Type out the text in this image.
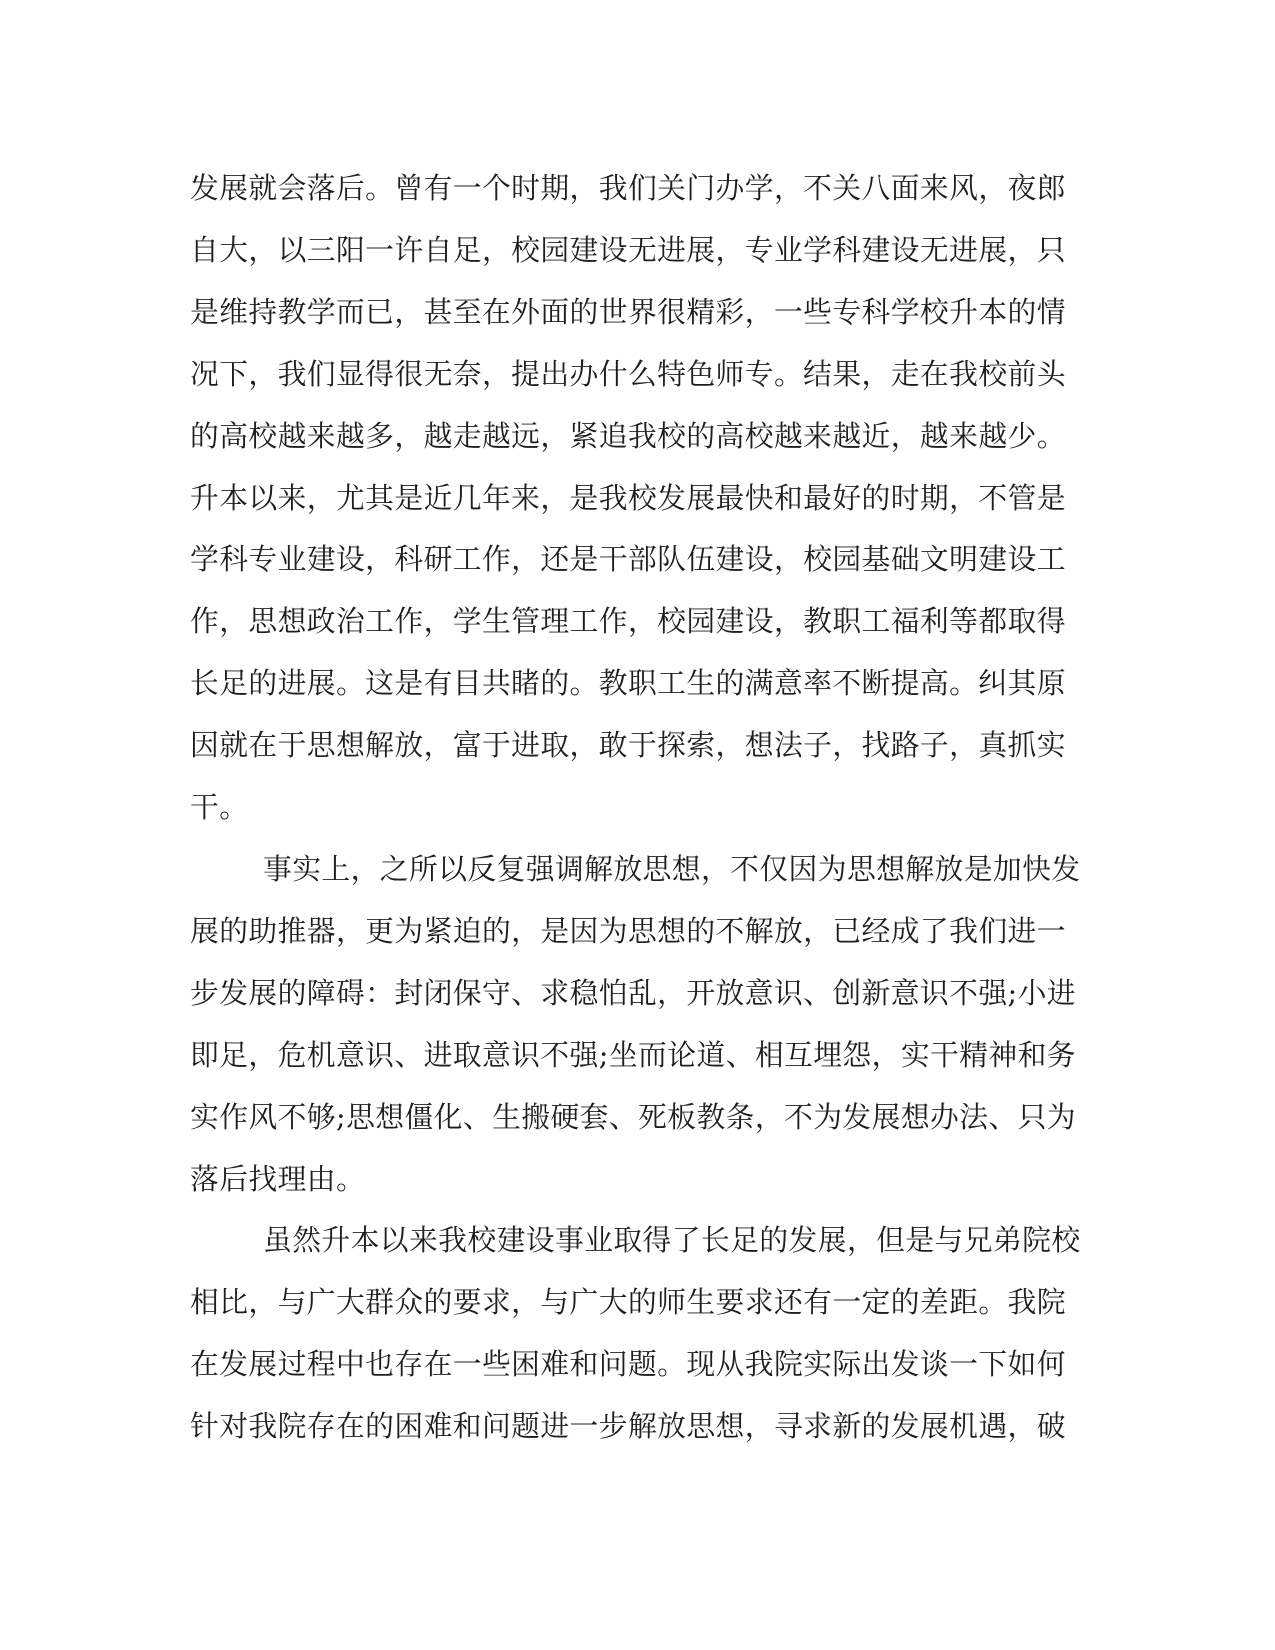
发展就会落后。曾有一个时期，我们关门办学，不关八面来风，夜郎自大，以三阳一许自足，校园建设无进展，专业学科建设无进展，只是维持教学而已，甚至在外面的世界很精彩，一些专科学校升本的情况下，我们显得很无奈，提出办什么特色师专。结果，走在我校前头的高校越来越多，越走越远，紧追我校的高校越来越近，越来越少。升本以来，尤其是近几年来，是我校发展最快和最好的时期，不管是学科专业建设，科研工作，还是干部队伍建设，校园基础文明建设工作，思想政治工作，学生管理工作，校园建设，教职工福利等都取得长足的进展。这是有目共睹的。教职工生的满意率不断提高。纠其原因就在于思想解放，富于进取，敢于探索，想法子，找路子，真抓实干。

事实上，之所以反复强调解放思想，不仅因为思想解放是加快发展的助推器，更为紧迫的，是因为思想的不解放，已经成了我们进一步发展的障碍：封闭保守、求稳怕乱，开放意识、创新意识不强;小进即足，危机意识、进取意识不强;坐而论道、相互埋怨，实干精神和务实作风不够;思想僵化、生搬硬套、死板教条，不为发展想办法、只为落后找理由。

虽然升本以来我校建设事业取得了长足的发展，但是与兄弟院校相比，与广大群众的要求，与广大的师生要求还有一定的差距。我院在发展过程中也存在一些困难和问题。现从我院实际出发谈一下如何针对我院存在的困难和问题进一步解放思想，寻求新的发展机遇，破
